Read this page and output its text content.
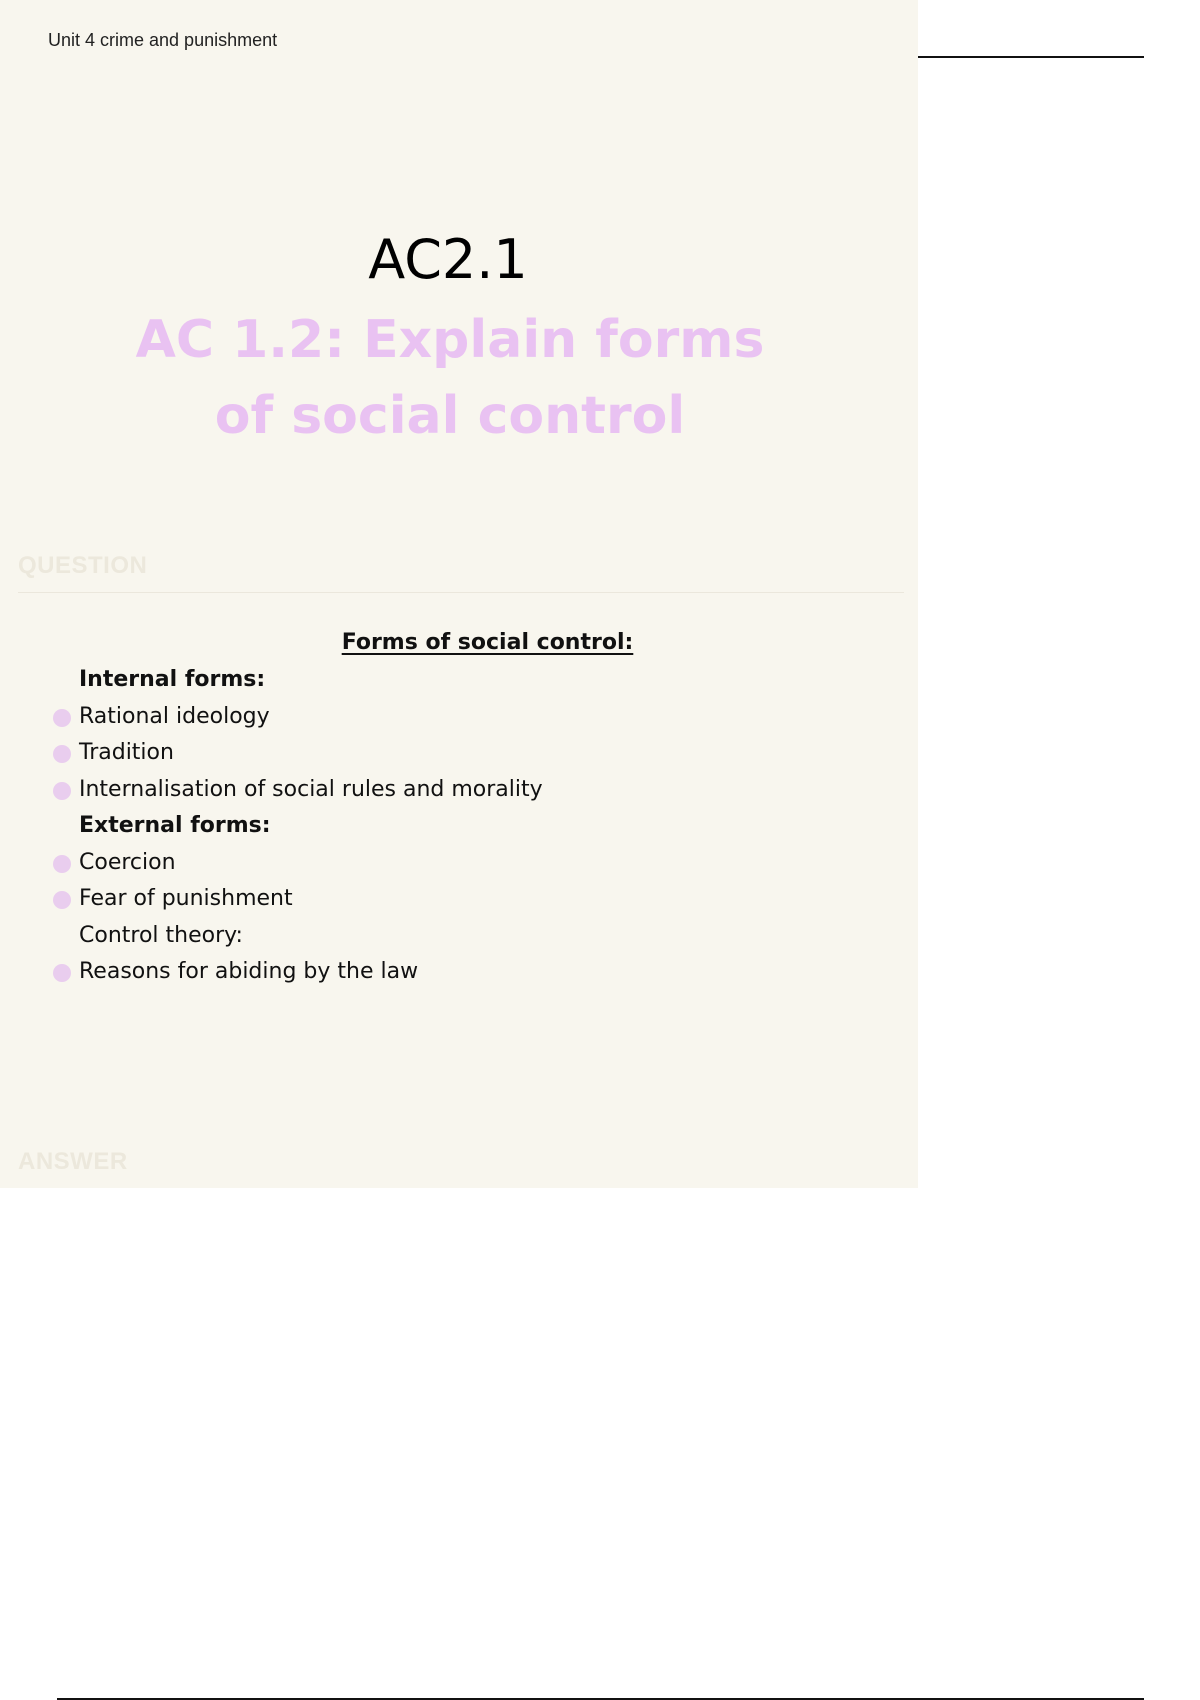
Unit 4 crime and punishment
AC2.1
AC 1.2: Explain forms of social control
QUESTION
Forms of social control:
Internal forms:
Rational ideology
Tradition
Internalisation of social rules and morality
External forms:
Coercion
Fear of punishment
Control theory:
Reasons for abiding by the law
ANSWER
